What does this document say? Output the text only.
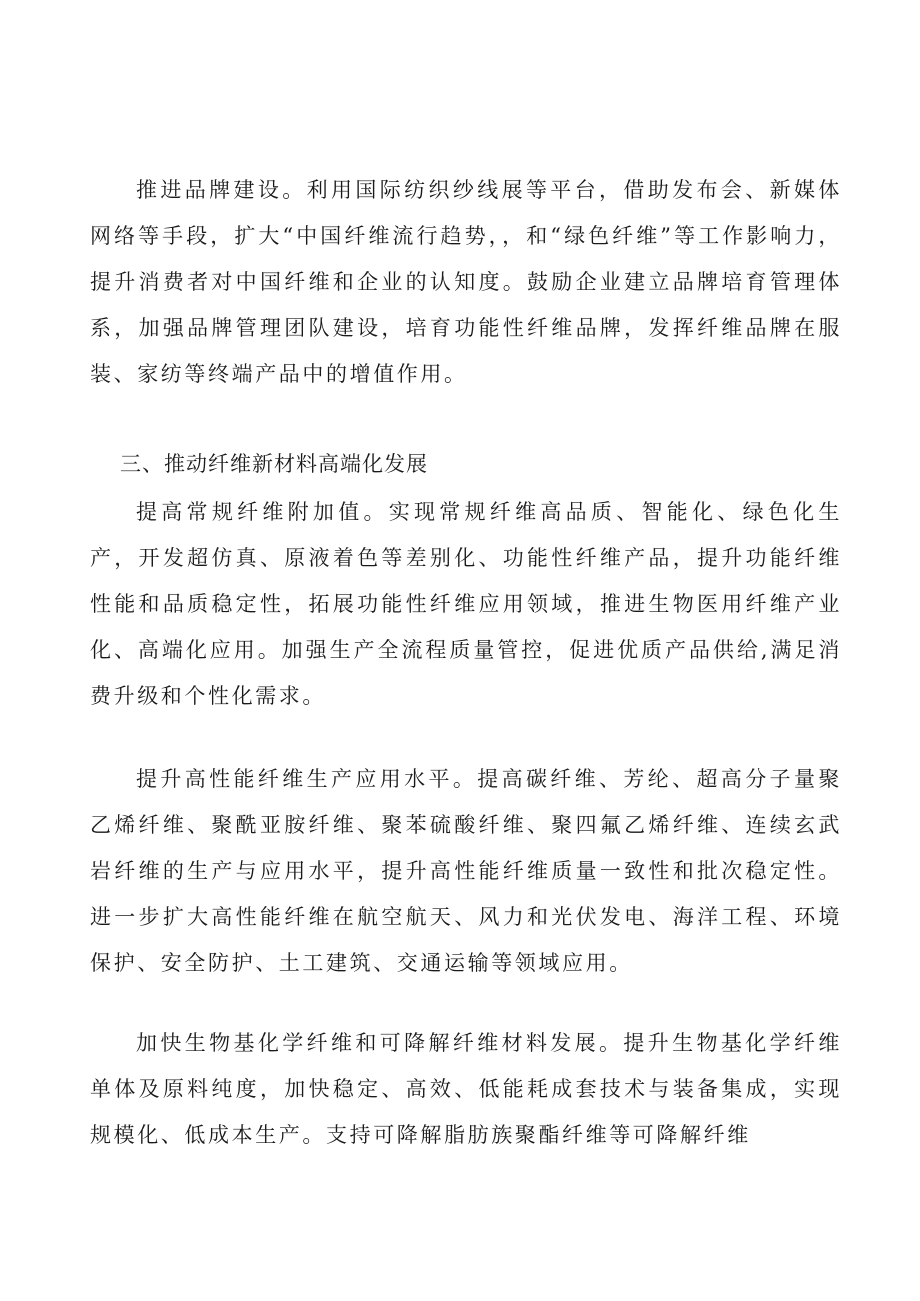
推进品牌建设。利用国际纺织纱线展等平台，借助发布会、新媒体网络等手段，扩大“中国纤维流行趋势，，和“绿色纤维”等工作影响力，提升消费者对中国纤维和企业的认知度。鼓励企业建立品牌培育管理体系，加强品牌管理团队建设，培育功能性纤维品牌，发挥纤维品牌在服装、家纺等终端产品中的增值作用。

三、推动纤维新材料高端化发展

提高常规纤维附加值。实现常规纤维高品质、智能化、绿色化生产，开发超仿真、原液着色等差别化、功能性纤维产品，提升功能纤维性能和品质稳定性，拓展功能性纤维应用领域，推进生物医用纤维产业化、高端化应用。加强生产全流程质量管控，促进优质产品供给,满足消费升级和个性化需求。

提升高性能纤维生产应用水平。提高碳纤维、芳纶、超高分子量聚乙烯纤维、聚酰亚胺纤维、聚苯硫酸纤维、聚四氟乙烯纤维、连续玄武岩纤维的生产与应用水平，提升高性能纤维质量一致性和批次稳定性。进一步扩大高性能纤维在航空航天、风力和光伏发电、海洋工程、环境保护、安全防护、土工建筑、交通运输等领域应用。

加快生物基化学纤维和可降解纤维材料发展。提升生物基化学纤维单体及原料纯度，加快稳定、高效、低能耗成套技术与装备集成，实现规模化、低成本生产。支持可降解脂肪族聚酯纤维等可降解纤维
